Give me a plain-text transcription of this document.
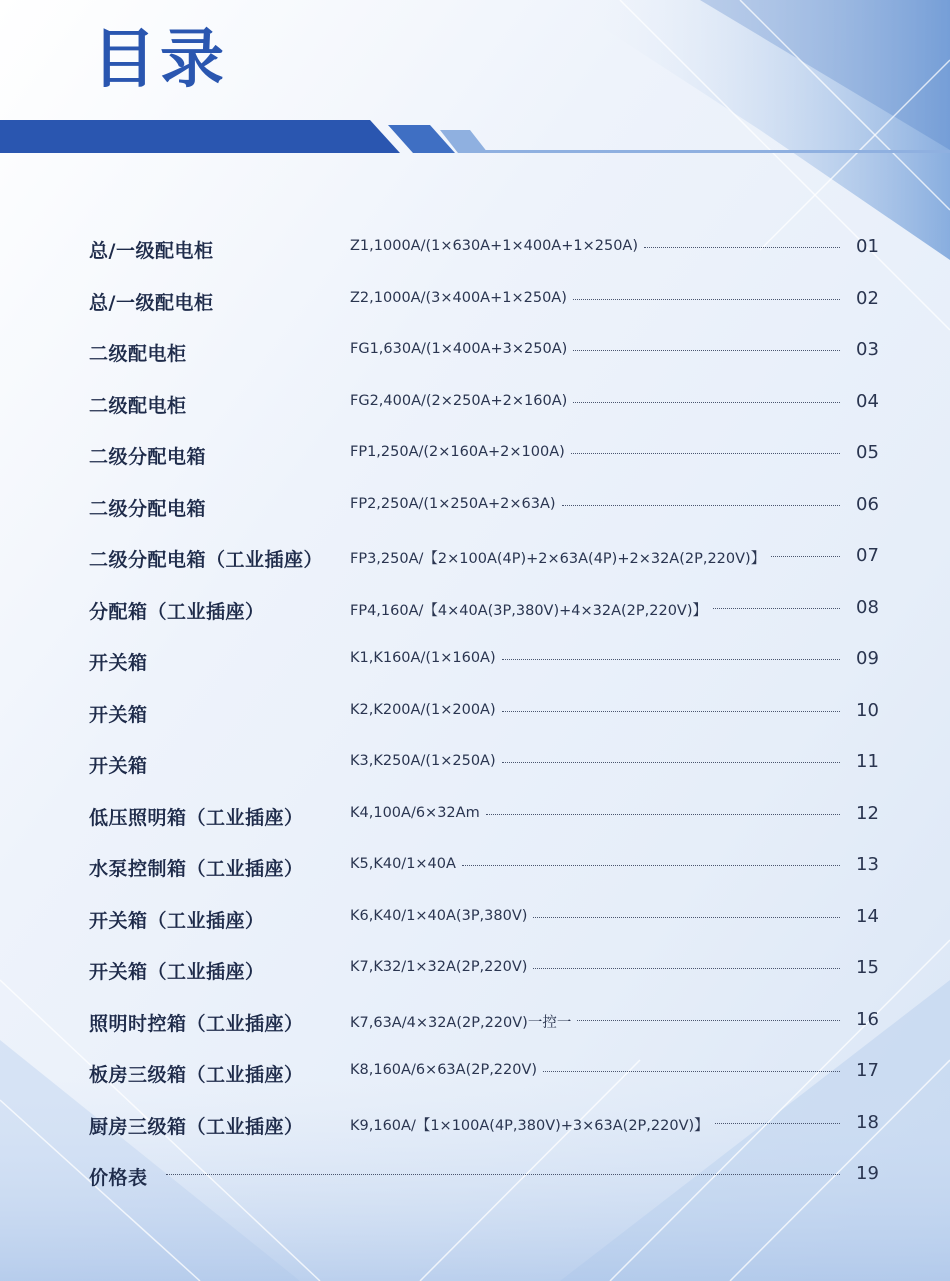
目录
总/一级配电柜	Z1,1000A/(1×630A+1×400A+1×250A)	01
总/一级配电柜	Z2,1000A/(3×400A+1×250A)	02
二级配电柜	FG1,630A/(1×400A+3×250A)	03
二级配电柜	FG2,400A/(2×250A+2×160A)	04
二级分配电箱	FP1,250A/(2×160A+2×100A)	05
二级分配电箱	FP2,250A/(1×250A+2×63A)	06
二级分配电箱（工业插座） FP3,250A/【2×100A(4P)+2×63A(4P)+2×32A(2P,220V)】	07
分配箱（工业插座）	FP4,160A/【4×40A(3P,380V)+4×32A(2P,220V)】	08
开关箱	K1,K160A/(1×160A)	09
开关箱	K2,K200A/(1×200A)	10
开关箱	K3,K250A/(1×250A)	11
低压照明箱（工业插座）	K4,100A/6×32Am	12
水泵控制箱（工业插座）	K5,K40/1×40A	13
开关箱（工业插座）	K6,K40/1×40A(3P,380V)	14
开关箱（工业插座）	K7,K32/1×32A(2P,220V)	15
照明时控箱（工业插座）	K7,63A/4×32A(2P,220V)一控一	16
板房三级箱（工业插座）	K8,160A/6×63A(2P,220V)	17
厨房三级箱（工业插座）	K9,160A/【1×100A(4P,380V)+3×63A(2P,220V)】	18
价格表	19
